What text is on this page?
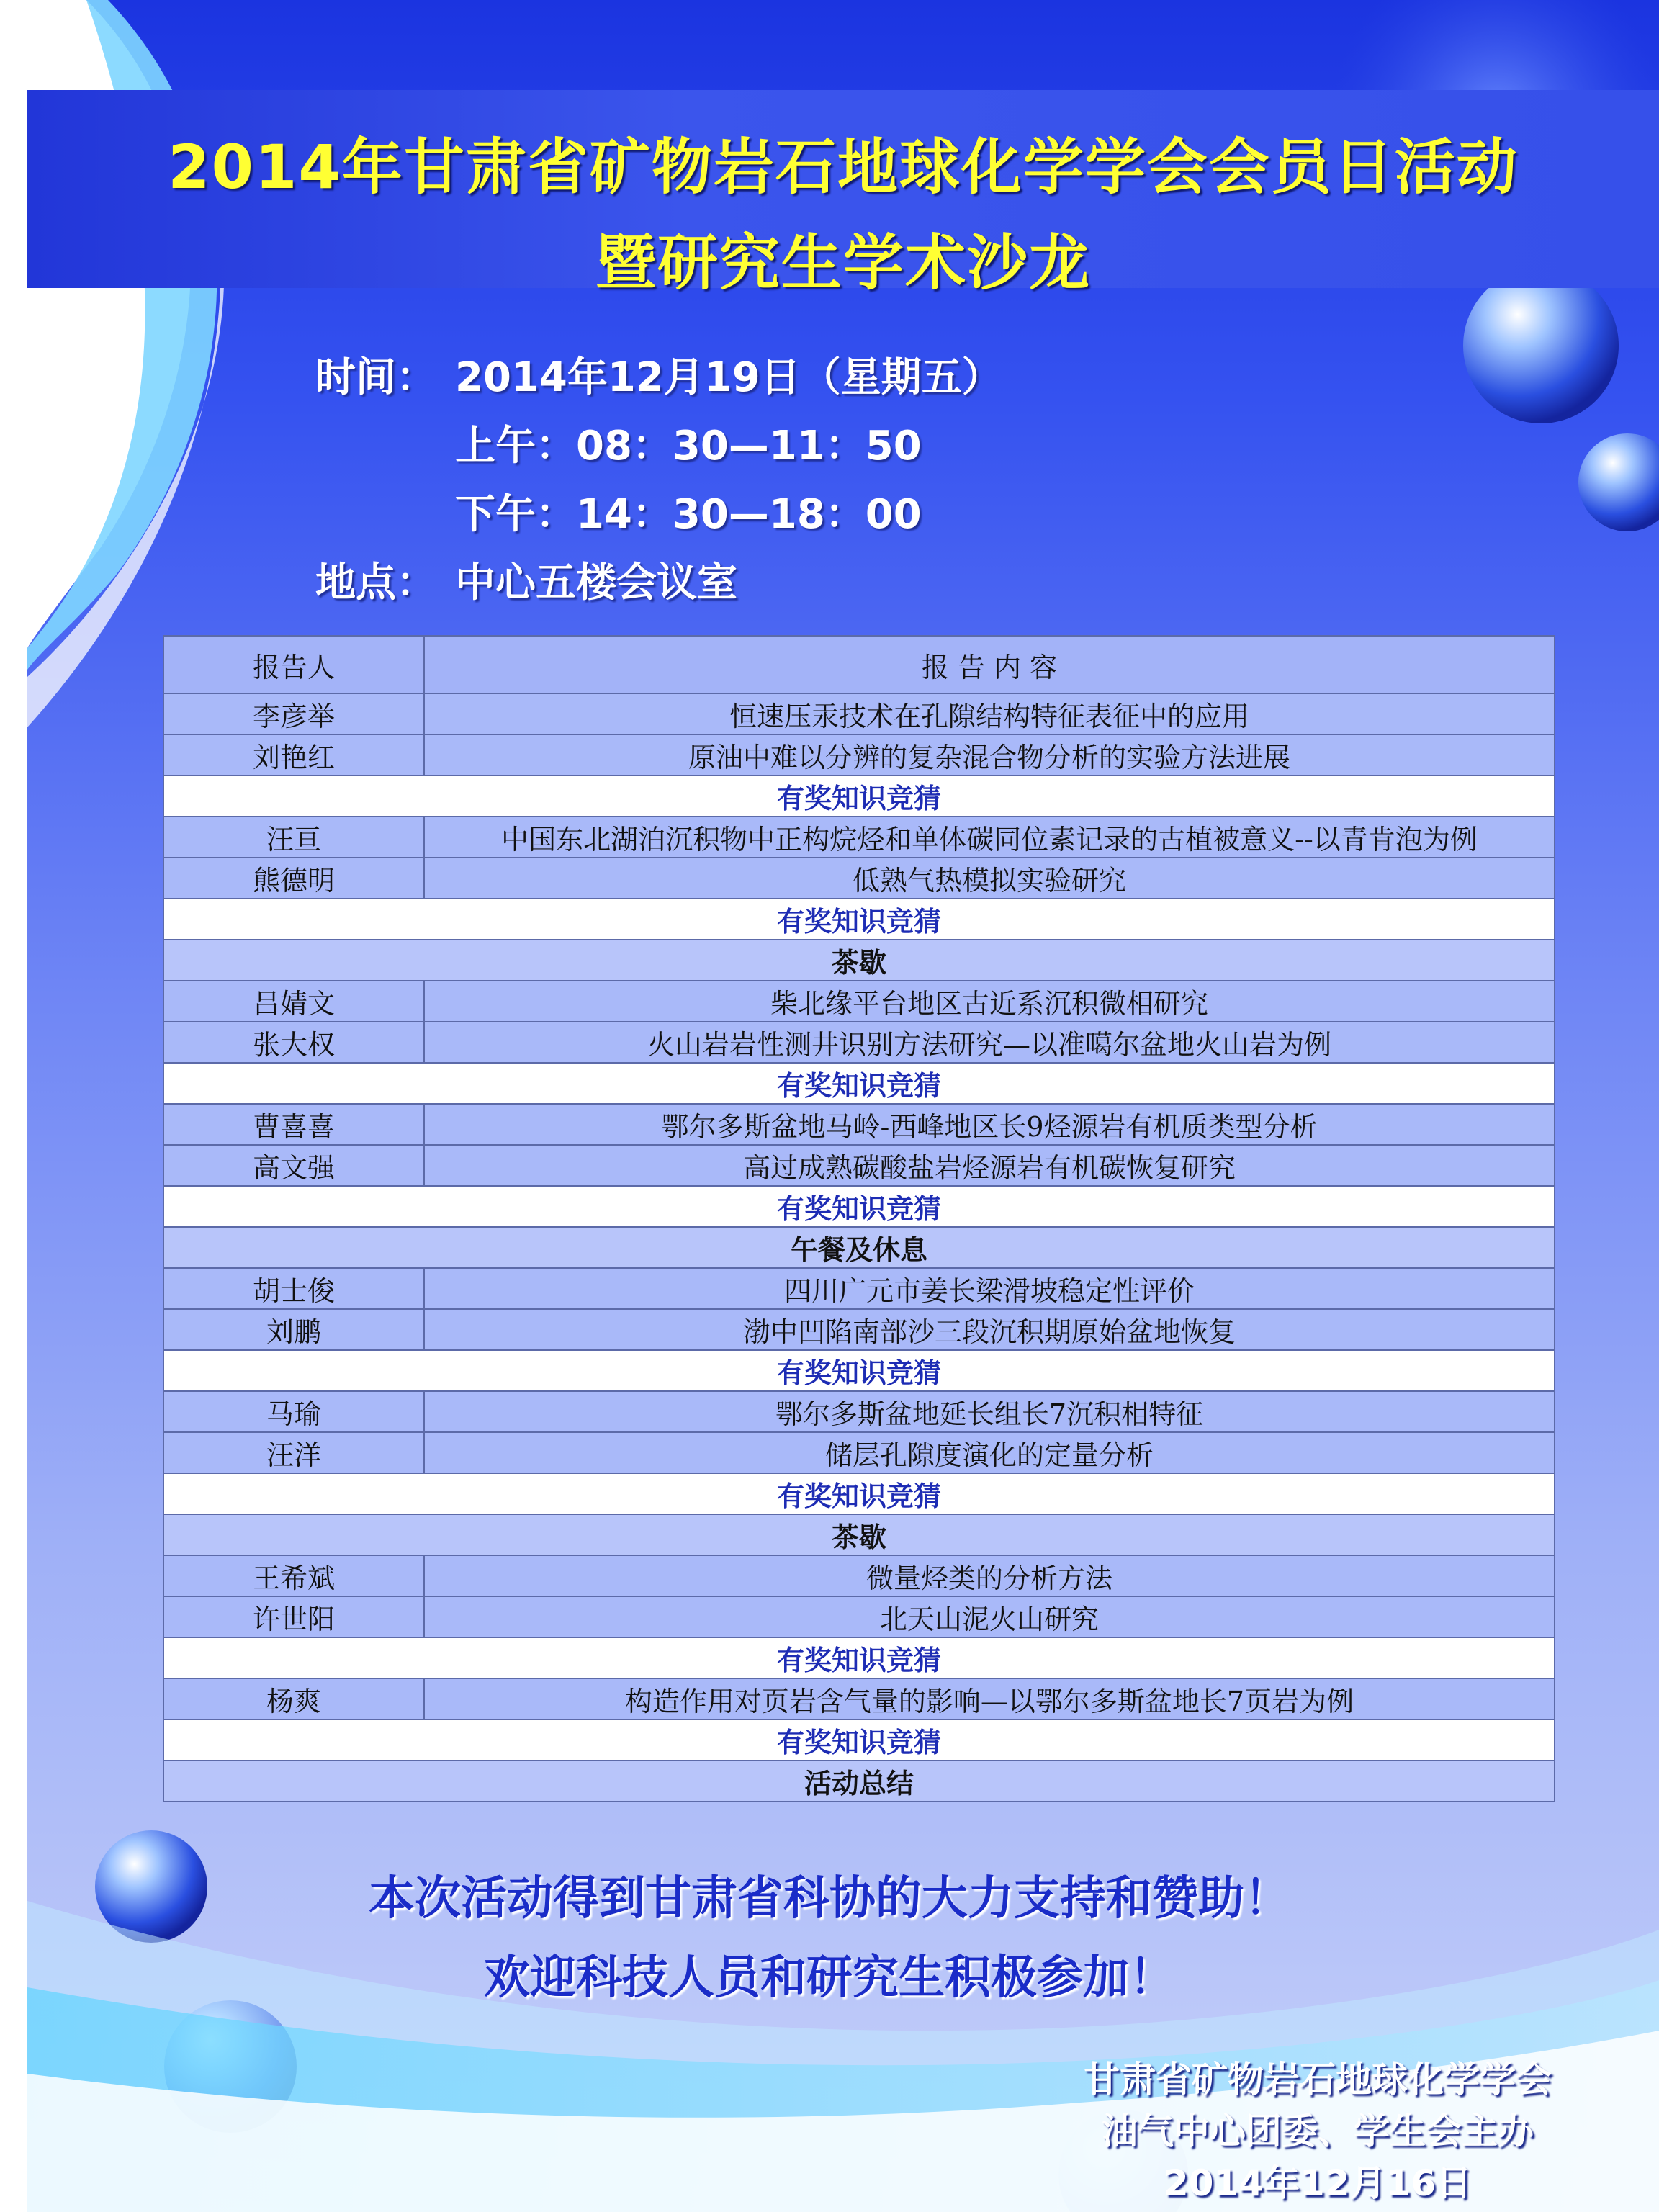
2014年甘肃省矿物岩石地球化学学会会员日活动
暨研究生学术沙龙
时间： 2014年12月19日（星期五）
上午：08：30—11：50
下午：14：30—18：00
地点： 中心五楼会议室
报告人	报 告 内 容
李彦举	恒速压汞技术在孔隙结构特征表征中的应用
刘艳红	原油中难以分辨的复杂混合物分析的实验方法进展
有奖知识竞猜	
汪亘	中国东北湖泊沉积物中正构烷烃和单体碳同位素记录的古植被意义--以青肯泡为例
熊德明	低熟气热模拟实验研究
有奖知识竞猜	
茶歇	
吕婧文	柴北缘平台地区古近系沉积微相研究
张大权	火山岩岩性测井识别方法研究—以准噶尔盆地火山岩为例
有奖知识竞猜	
曹喜喜	鄂尔多斯盆地马岭-西峰地区长9烃源岩有机质类型分析
高文强	高过成熟碳酸盐岩烃源岩有机碳恢复研究
有奖知识竞猜	
午餐及休息	
胡士俊	四川广元市姜长梁滑坡稳定性评价
刘鹏	渤中凹陷南部沙三段沉积期原始盆地恢复
有奖知识竞猜	
马瑜	鄂尔多斯盆地延长组长7沉积相特征
汪洋	储层孔隙度演化的定量分析
有奖知识竞猜	
茶歇	
王希斌	微量烃类的分析方法
许世阳	北天山泥火山研究
有奖知识竞猜	
杨爽	构造作用对页岩含气量的影响—以鄂尔多斯盆地长7页岩为例
有奖知识竞猜	
活动总结	
本次活动得到甘肃省科协的大力支持和赞助！
欢迎科技人员和研究生积极参加！
甘肃省矿物岩石地球化学学会
油气中心团委、学生会主办
2014年12月16日
